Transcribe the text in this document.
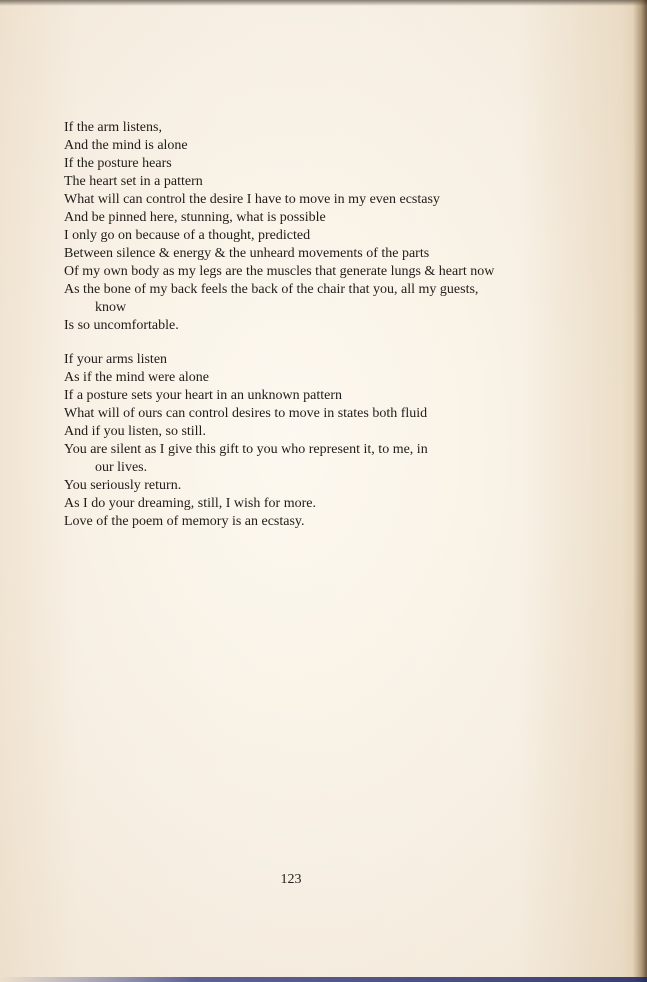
If the arm listens,
And the mind is alone
If the posture hears
The heart set in a pattern
What will can control the desire I have to move in my even ecstasy
And be pinned here, stunning, what is possible
I only go on because of a thought, predicted
Between silence & energy & the unheard movements of the parts
Of my own body as my legs are the muscles that generate lungs & heart now
As the bone of my back feels the back of the chair that you, all my guests,
know
Is so uncomfortable.
If your arms listen
As if the mind were alone
If a posture sets your heart in an unknown pattern
What will of ours can control desires to move in states both fluid
And if you listen, so still.
You are silent as I give this gift to you who represent it, to me, in
our lives.
You seriously return.
As I do your dreaming, still, I wish for more.
Love of the poem of memory is an ecstasy.
123
